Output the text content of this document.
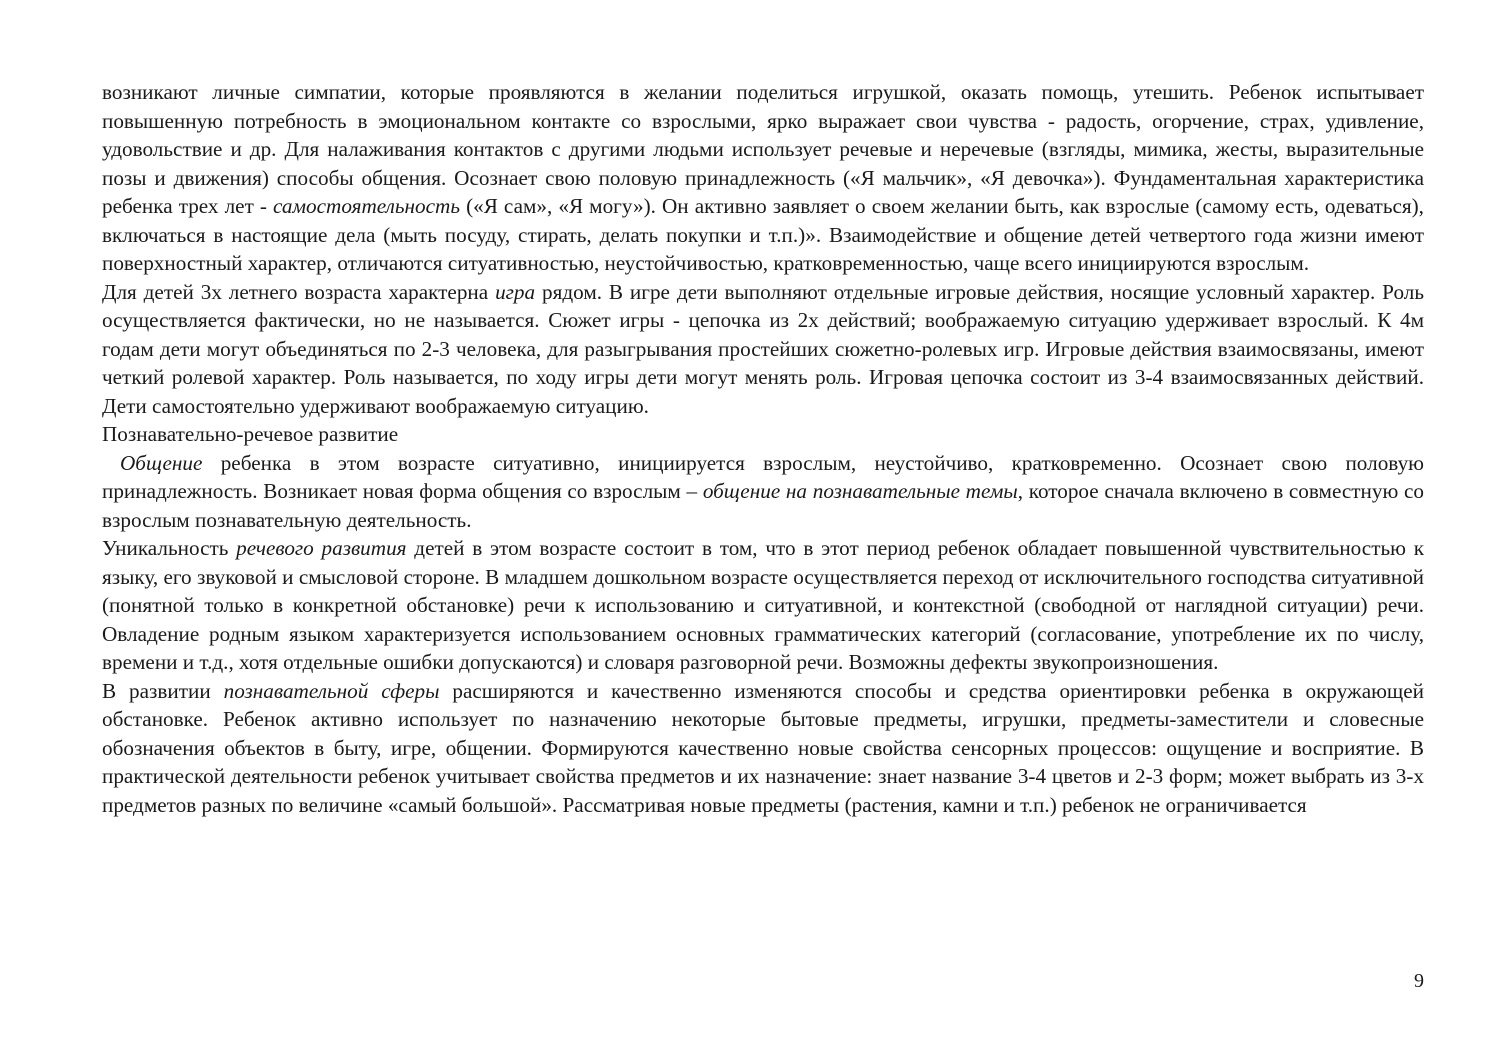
возникают личные симпатии, которые проявляются в желании поделиться игрушкой, оказать помощь, утешить. Ребенок испытывает повышенную потребность в эмоциональном контакте со взрослыми, ярко выражает свои чувства - радость, огорчение, страх, удивление, удовольствие и др. Для налаживания контактов с другими людьми использует речевые и неречевые (взгляды, мимика, жесты, выразительные позы и движения) способы общения. Осознает свою половую принадлежность («Я мальчик», «Я девочка»). Фундаментальная характеристика ребенка трех лет - самостоятельность («Я сам», «Я могу»). Он активно заявляет о своем желании быть, как взрослые (самому есть, одеваться), включаться в настоящие дела (мыть посуду, стирать, делать покупки и т.п.)». Взаимодействие и общение детей четвертого года жизни имеют поверхностный характер, отличаются ситуативностью, неустойчивостью, кратковременностью, чаще всего инициируются взрослым.

Для детей 3х летнего возраста характерна игра рядом. В игре дети выполняют отдельные игровые действия, носящие условный характер. Роль осуществляется фактически, но не называется. Сюжет игры - цепочка из 2х действий; воображаемую ситуацию удерживает взрослый. К 4м годам дети могут объединяться по 2-3 человека, для разыгрывания простейших сюжетно-ролевых игр. Игровые действия взаимосвязаны, имеют четкий ролевой характер. Роль называется, по ходу игры дети могут менять роль. Игровая цепочка состоит из 3-4 взаимосвязанных действий. Дети самостоятельно удерживают воображаемую ситуацию.

Познавательно-речевое развитие

Общение ребенка в этом возрасте ситуативно, инициируется взрослым, неустойчиво, кратковременно. Осознает свою половую принадлежность. Возникает новая форма общения со взрослым – общение на познавательные темы, которое сначала включено в совместную со взрослым познавательную деятельность.

Уникальность речевого развития детей в этом возрасте состоит в том, что в этот период ребенок обладает повышенной чувствительностью к языку, его звуковой и смысловой стороне. В младшем дошкольном возрасте осуществляется переход от исключительного господства ситуативной (понятной только в конкретной обстановке) речи к использованию и ситуативной, и контекстной (свободной от наглядной ситуации) речи. Овладение родным языком характеризуется использованием основных грамматических категорий (согласование, употребление их по числу, времени и т.д., хотя отдельные ошибки допускаются) и словаря разговорной речи. Возможны дефекты звукопроизношения.

В развитии познавательной сферы расширяются и качественно изменяются способы и средства ориентировки ребенка в окружающей обстановке. Ребенок активно использует по назначению некоторые бытовые предметы, игрушки, предметы-заместители и словесные обозначения объектов в быту, игре, общении. Формируются качественно новые свойства сенсорных процессов: ощущение и восприятие. В практической деятельности ребенок учитывает свойства предметов и их назначение: знает название 3-4 цветов и 2-3 форм; может выбрать из 3-х предметов разных по величине «самый большой». Рассматривая новые предметы (растения, камни и т.п.) ребенок не ограничивается

9
